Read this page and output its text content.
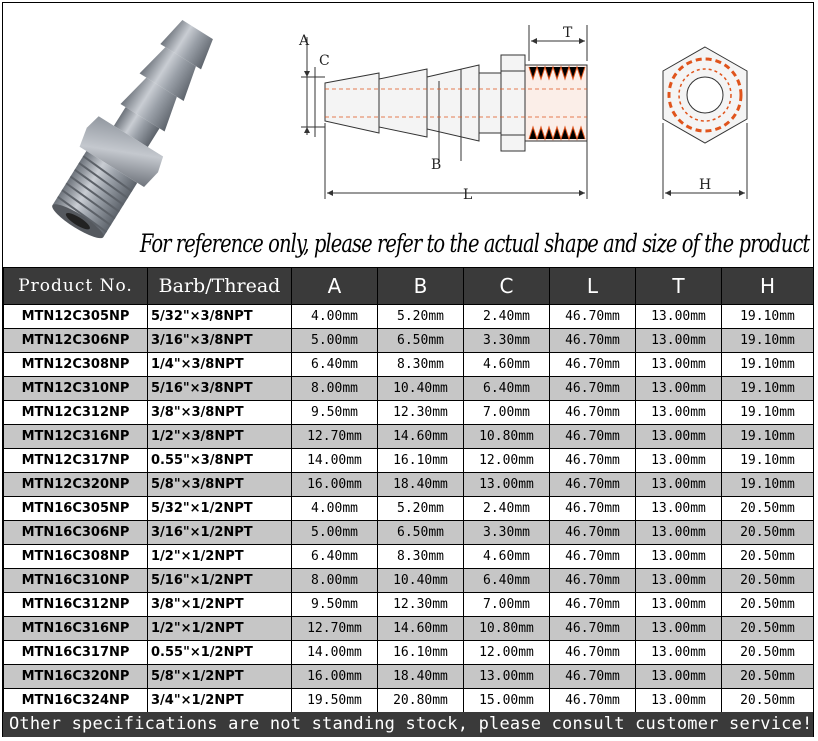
A
C
B
L
T
H
For reference only, please refer to the actual shape and size of the product
Product No.	Barb/Thread	A	B	C	L	T	H
MTN12C305NP	5/32"×3/8NPT	4.00mm	5.20mm	2.40mm	46.70mm	13.00mm	19.10mm
MTN12C306NP	3/16"×3/8NPT	5.00mm	6.50mm	3.30mm	46.70mm	13.00mm	19.10mm
MTN12C308NP	1/4"×3/8NPT	6.40mm	8.30mm	4.60mm	46.70mm	13.00mm	19.10mm
MTN12C310NP	5/16"×3/8NPT	8.00mm	10.40mm	6.40mm	46.70mm	13.00mm	19.10mm
MTN12C312NP	3/8"×3/8NPT	9.50mm	12.30mm	7.00mm	46.70mm	13.00mm	19.10mm
MTN12C316NP	1/2"×3/8NPT	12.70mm	14.60mm	10.80mm	46.70mm	13.00mm	19.10mm
MTN12C317NP	0.55"×3/8NPT	14.00mm	16.10mm	12.00mm	46.70mm	13.00mm	19.10mm
MTN12C320NP	5/8"×3/8NPT	16.00mm	18.40mm	13.00mm	46.70mm	13.00mm	19.10mm
MTN16C305NP	5/32"×1/2NPT	4.00mm	5.20mm	2.40mm	46.70mm	13.00mm	20.50mm
MTN16C306NP	3/16"×1/2NPT	5.00mm	6.50mm	3.30mm	46.70mm	13.00mm	20.50mm
MTN16C308NP	1/2"×1/2NPT	6.40mm	8.30mm	4.60mm	46.70mm	13.00mm	20.50mm
MTN16C310NP	5/16"×1/2NPT	8.00mm	10.40mm	6.40mm	46.70mm	13.00mm	20.50mm
MTN16C312NP	3/8"×1/2NPT	9.50mm	12.30mm	7.00mm	46.70mm	13.00mm	20.50mm
MTN16C316NP	1/2"×1/2NPT	12.70mm	14.60mm	10.80mm	46.70mm	13.00mm	20.50mm
MTN16C317NP	0.55"×1/2NPT	14.00mm	16.10mm	12.00mm	46.70mm	13.00mm	20.50mm
MTN16C320NP	5/8"×1/2NPT	16.00mm	18.40mm	13.00mm	46.70mm	13.00mm	20.50mm
MTN16C324NP	3/4"×1/2NPT	19.50mm	20.80mm	15.00mm	46.70mm	13.00mm	20.50mm
Other specifications are not standing stock, please consult customer service!
